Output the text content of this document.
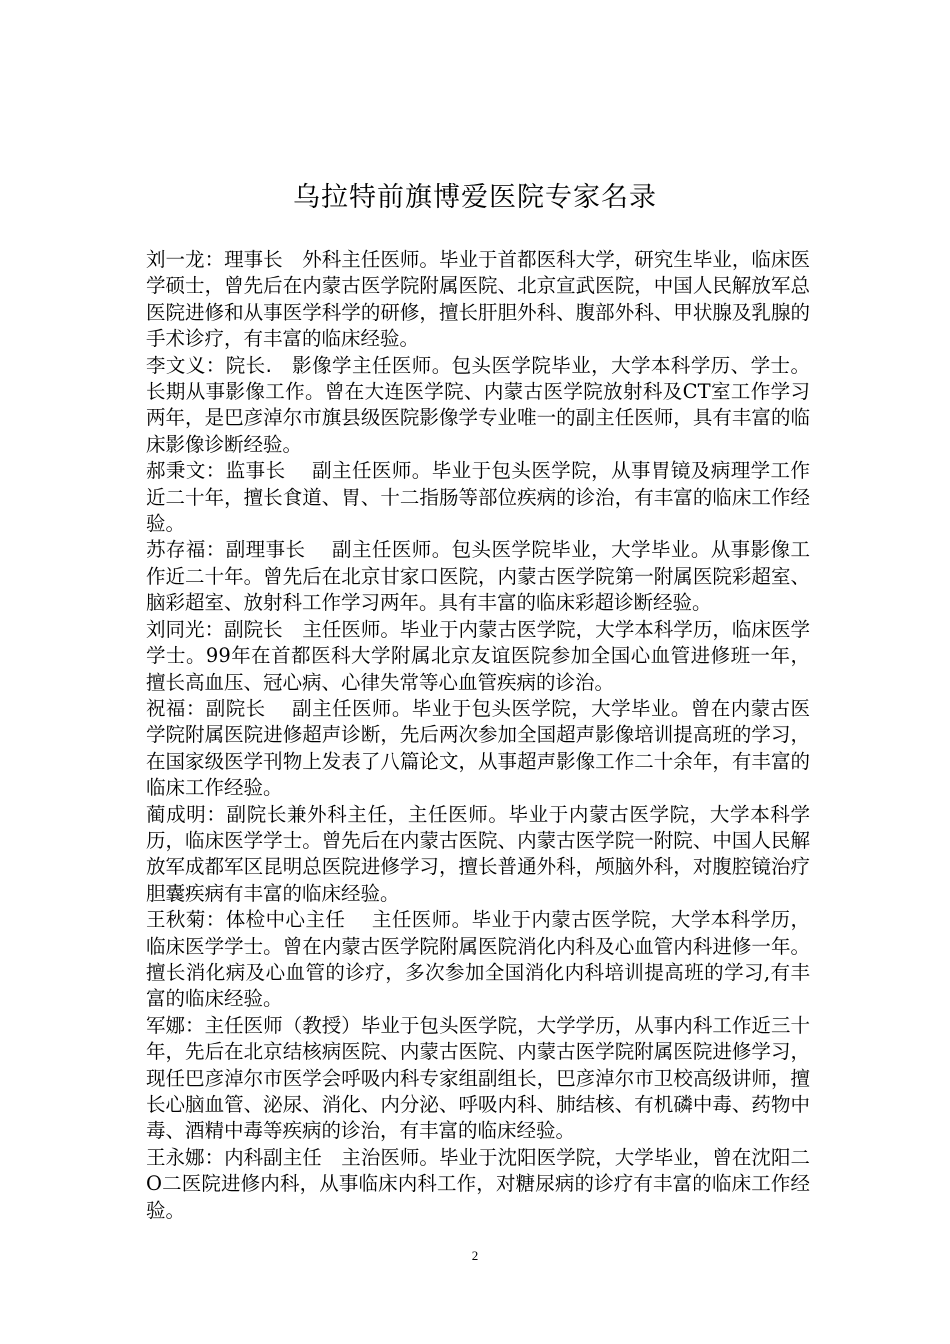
乌拉特前旗博爱医院专家名录

刘一龙：理事长　外科主任医师。毕业于首都医科大学，研究生毕业，临床医学硕士，曾先后在内蒙古医学院附属医院、北京宣武医院，中国人民解放军总医院进修和从事医学科学的研修，擅长肝胆外科、腹部外科、甲状腺及乳腺的手术诊疗，有丰富的临床经验。

李文义：院长.　影像学主任医师。包头医学院毕业，大学本科学历、学士。长期从事影像工作。曾在大连医学院、内蒙古医学院放射科及CT室工作学习两年，是巴彦淖尔市旗县级医院影像学专业唯一的副主任医师，具有丰富的临床影像诊断经验。

郝秉文：监事长　 副主任医师。毕业于包头医学院，从事胃镜及病理学工作近二十年，擅长食道、胃、十二指肠等部位疾病的诊治，有丰富的临床工作经验。

苏存福：副理事长　 副主任医师。包头医学院毕业，大学毕业。从事影像工作近二十年。曾先后在北京甘家口医院，内蒙古医学院第一附属医院彩超室、脑彩超室、放射科工作学习两年。具有丰富的临床彩超诊断经验。

刘同光：副院长　主任医师。毕业于内蒙古医学院，大学本科学历，临床医学学士。99年在首都医科大学附属北京友谊医院参加全国心血管进修班一年，擅长高血压、冠心病、心律失常等心血管疾病的诊治。

祝福：副院长　 副主任医师。毕业于包头医学院，大学毕业。曾在内蒙古医学院附属医院进修超声诊断，先后两次参加全国超声影像培训提高班的学习，在国家级医学刊物上发表了八篇论文，从事超声影像工作二十余年，有丰富的临床工作经验。

蔺成明：副院长兼外科主任，主任医师。毕业于内蒙古医学院，大学本科学历，临床医学学士。曾先后在内蒙古医院、内蒙古医学院一附院、中国人民解放军成都军区昆明总医院进修学习，擅长普通外科，颅脑外科，对腹腔镜治疗胆囊疾病有丰富的临床经验。

王秋菊：体检中心主任　 主任医师。毕业于内蒙古医学院，大学本科学历，临床医学学士。曾在内蒙古医学院附属医院消化内科及心血管内科进修一年。擅长消化病及心血管的诊疗，多次参加全国消化内科培训提高班的学习,有丰富的临床经验。

军娜：主任医师（教授）毕业于包头医学院，大学学历，从事内科工作近三十年，先后在北京结核病医院、内蒙古医院、内蒙古医学院附属医院进修学习，现任巴彦淖尔市医学会呼吸内科专家组副组长，巴彦淖尔市卫校高级讲师，擅长心脑血管、泌尿、消化、内分泌、呼吸内科、肺结核、有机磷中毒、药物中毒、酒精中毒等疾病的诊治，有丰富的临床经验。

王永娜：内科副主任　主治医师。毕业于沈阳医学院，大学毕业，曾在沈阳二O二医院进修内科，从事临床内科工作，对糖尿病的诊疗有丰富的临床工作经验。

2
